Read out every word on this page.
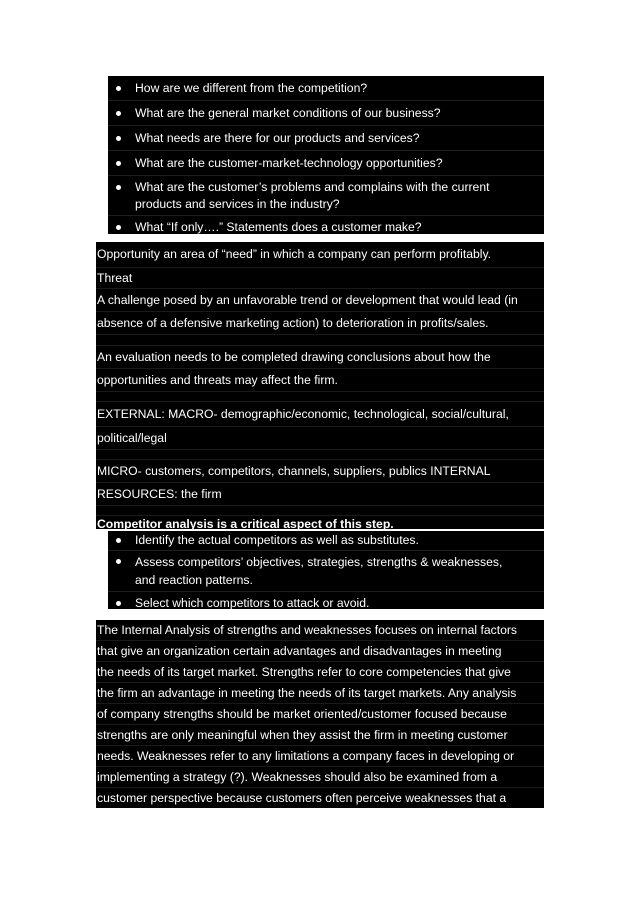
How are we different from the competition?
What are the general market conditions of our business?
What needs are there for our products and services?
What are the customer-market-technology opportunities?
What are the customer’s problems and complains with the current
products and services in the industry?
What “If only….” Statements does a customer make?
Opportunity an area of “need” in which a company can perform profitably.
Threat
A challenge posed by an unfavorable trend or development that would lead (in
absence of a defensive marketing action) to deterioration in profits/sales.
An evaluation needs to be completed drawing conclusions about how the
opportunities and threats may affect the firm.
EXTERNAL: MACRO- demographic/economic, technological, social/cultural,
political/legal
MICRO- customers, competitors, channels, suppliers, publics INTERNAL
RESOURCES: the firm
Competitor analysis is a critical aspect of this step.
Identify the actual competitors as well as substitutes.
Assess competitors’ objectives, strategies, strengths & weaknesses,
and reaction patterns.
Select which competitors to attack or avoid.
The Internal Analysis of strengths and weaknesses focuses on internal factors
that give an organization certain advantages and disadvantages in meeting
the needs of its target market. Strengths refer to core competencies that give
the firm an advantage in meeting the needs of its target markets. Any analysis
of company strengths should be market oriented/customer focused because
strengths are only meaningful when they assist the firm in meeting customer
needs. Weaknesses refer to any limitations a company faces in developing or
implementing a strategy (?). Weaknesses should also be examined from a
customer perspective because customers often perceive weaknesses that a
